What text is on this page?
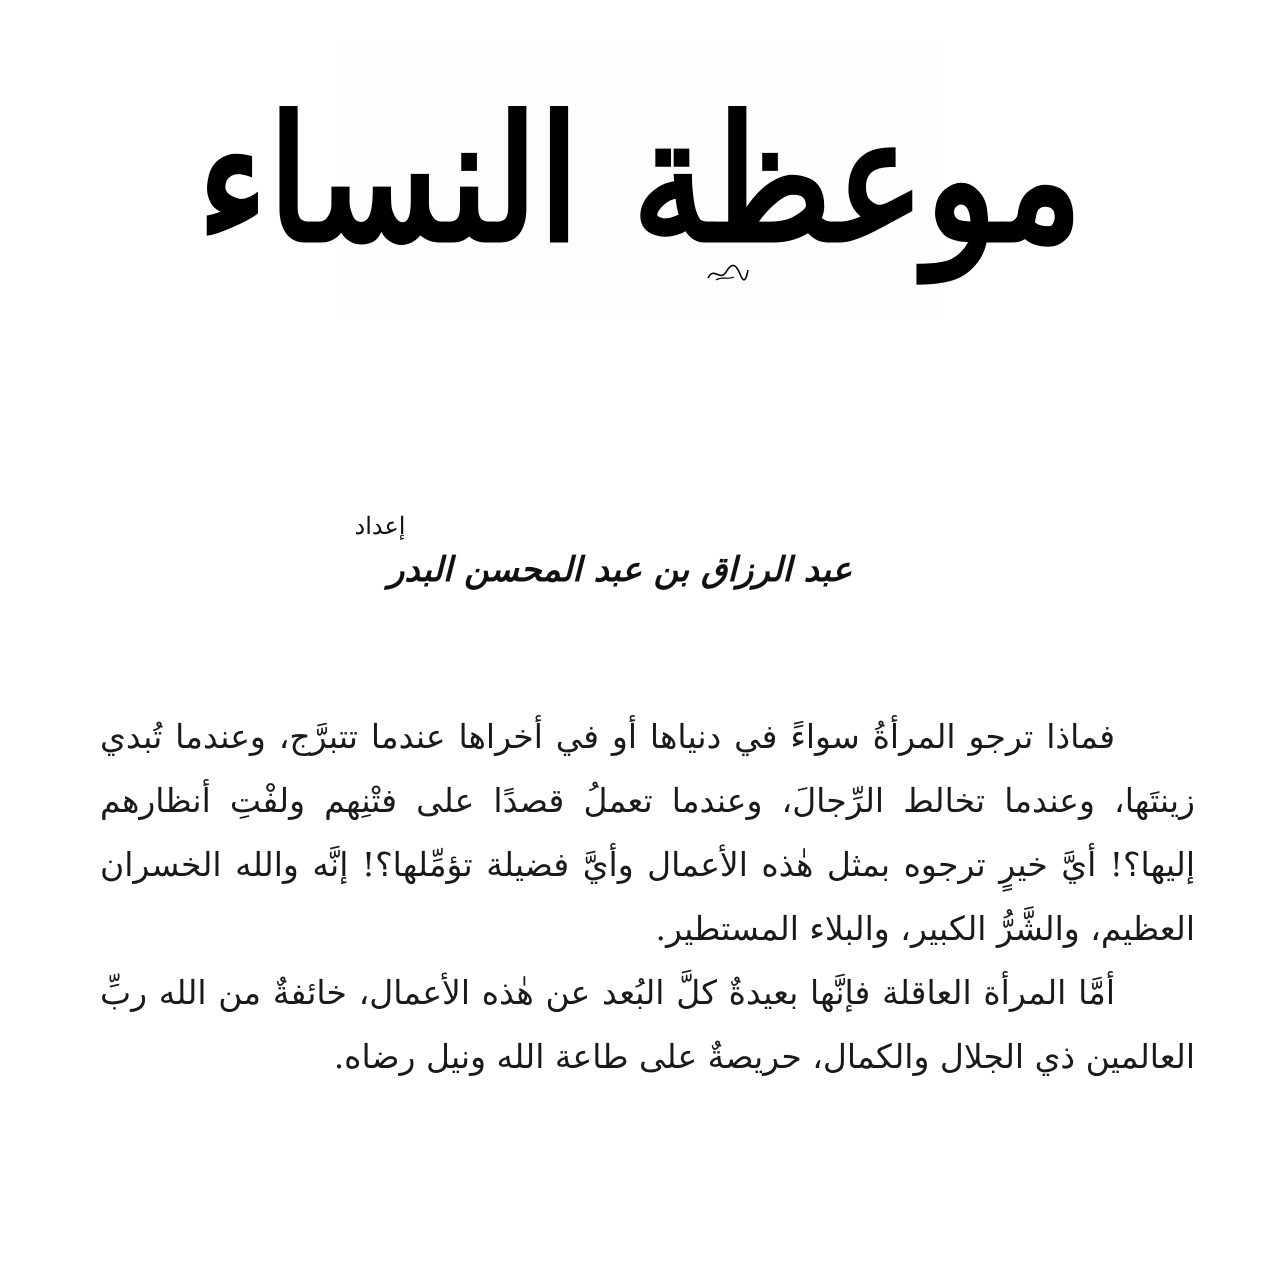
موعظة النساء
إعداد
عبد الرزاق بن عبد المحسن البدر

فماذا ترجو المرأةُ سواءً في دنياها أو في أخراها عندما تتبرَّج، وعندما تُبدي زينتَها، وعندما تخالط الرِّجالَ، وعندما تعملُ قصدًا على فتْنِهم ولفْتِ أنظارهم إليها؟! أيَّ خيرٍ ترجوه بمثل هٰذه الأعمال وأيَّ فضيلة تؤمِّلها؟! إنَّه والله الخسران العظيم، والشَّرُّ الكبير، والبلاء المستطير.

أمَّا المرأة العاقلة فإنَّها بعيدةٌ كلَّ البُعد عن هٰذه الأعمال، خائفةٌ من الله ربِّ العالمين ذي الجلال والكمال، حريصةٌ على طاعة الله ونيل رضاه.
